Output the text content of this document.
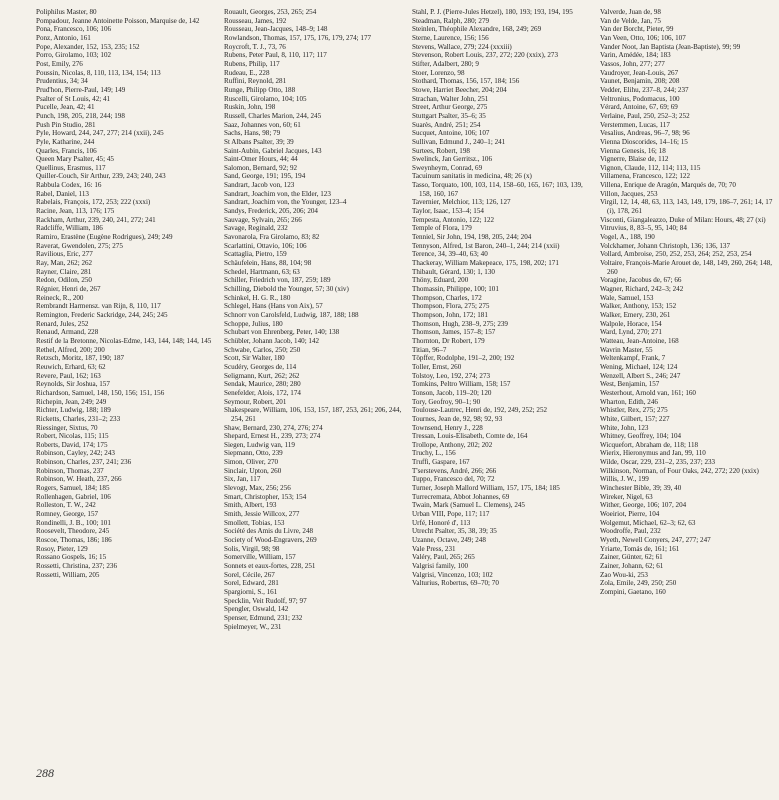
Poliphilus Master, 80
Pompadour, Jeanne Antoinette Poisson, Marquise de, 142
Pona, Francesco, 106; 106
Ponz, Antonio, 161
Pope, Alexander, 152, 153, 235; 152
Porro, Girolamo, 103; 102
Post, Emily, 276
Poussin, Nicolas, 8, 110, 113, 134, 154; 113
Prudentius, 34; 34
Prud'hon, Pierre-Paul, 149; 149
Psalter of St Louis, 42; 41
Pucelle, Jean, 42; 41
Punch, 198, 205, 218, 244; 198
Push Pin Studio, 281
Pyle, Howard, 244, 247, 277; 214 (xxii), 245
Pyle, Katharine, 244
Quarles, Francis, 106
Queen Mary Psalter, 45; 45
Quellinus, Erasmus, 117
Quiller-Couch, Sir Arthur, 239, 243; 240, 243
Rabbula Codex, 16: 16
Rabel, Daniel, 113
Rabelais, François, 172, 253; 222 (xxxi)
Racine, Jean, 113, 176; 175
Rackham, Arthur, 239, 240, 241, 272; 241
Radcliffe, William, 186
Ramiro, Erastène (Eugène Rodrigues), 249; 249
Raverat, Gwendolen, 275; 275
Ravilious, Eric, 277
Ray, Man, 262; 262
Rayner, Claire, 281
Redon, Odilon, 250
Régnier, Henri de, 267
Reineck, R., 200
Rembrandt Harmensz. van Rijn, 8, 110, 117
Remington, Frederic Sackridge, 244, 245; 245
Renard, Jules, 252
Renaud, Armand, 228
Restif de la Bretonne, Nicolas-Edme, 143, 144, 148; 144, 145
Rethel, Alfred, 200; 200
Retzsch, Moritz, 187, 190; 187
Reuwich, Erhard, 63; 62
Revere, Paul, 162; 163
Reynolds, Sir Joshua, 157
Richardson, Samuel, 148, 150, 156; 151, 156
Richepin, Jean, 249; 249
Richter, Ludwig, 188; 189
Ricketts, Charles, 231–2; 233
Riessinger, Sixtus, 70
Robert, Nicolas, 115; 115
Roberts, David, 174; 175
Robinson, Cayley, 242; 243
Robinson, Charles, 237, 241; 236
Robinson, Thomas, 237
Robinson, W. Heath, 237, 266
Rogers, Samuel, 184; 185
Rollenhagen, Gabriel, 106
Rolleston, T. W., 242
Romney, George, 157
Rondinelli, J. B., 100; 101
Roosevelt, Theodore, 245
Roscoe, Thomas, 186; 186
Rosoy, Pieter, 129
Rossano Gospels, 16; 15
Rossetti, Christina, 237; 236
Rossetti, William, 205
Rouault, Georges, 253, 265; 254
Rousseau, James, 192
Rousseau, Jean-Jacques, 148–9; 148
Rowlandson, Thomas, 157, 175, 176, 179, 274; 177
Roycroft, T. J., 73, 76
Rubens, Peter Paul, 8, 110, 117; 117
Rubens, Philip, 117
Rudeau, E., 228
Ruffini, Reynold, 281
Runge, Philipp Otto, 188
Ruscelli, Girolamo, 104; 105
Ruskin, John, 198
Russell, Charles Marion, 244, 245
Saaz, Johannes von, 60; 61
Sachs, Hans, 98; 79
St Albans Psalter, 39; 39
Saint-Aubin, Gabriel Jacques, 143
Saint-Omer Hours, 44; 44
Salomon, Bernard, 92; 92
Sand, George, 191; 195, 194
Sandrart, Jacob von, 123
Sandrart, Joachim von, the Elder, 123
Sandrart, Joachim von, the Younger, 123–4
Sandys, Frederick, 205, 206; 204
Sauvage, Sylvain, 265; 266
Savage, Reginald, 232
Savonarola, Fra Girolamo, 83; 82
Scarlattini, Ottavio, 106; 106
Scattaglia, Pietro, 159
Schäufelein, Hans, 88, 104; 98
Schedel, Hartmann, 63; 63
Schiller, Friedrich von, 187, 259; 189
Schilling, Diebold the Younger, 57; 30 (xiv)
Schinkel, H. G. R., 180
Schlegel, Hans (Hans von Aix), 57
Schnorr von Carolsfeld, Ludwig, 187, 188; 188
Schoppe, Julius, 180
Schubart von Ehrenberg, Peter, 140; 138
Schübler, Johann Jacob, 140; 142
Schwabe, Carlos, 250; 250
Scott, Sir Walter, 180
Scudéry, Georges de, 114
Seligmann, Kurt, 262; 262
Sendak, Maurice, 280; 280
Senefelder, Alois, 172, 174
Seymour, Robert, 201
Shakespeare, William, 106, 153, 157, 187, 253, 261; 206, 244, 254, 261
Shaw, Bernard, 230, 274, 276; 274
Shepard, Ernest H., 239, 273; 274
Siegen, Ludwig van, 119
Siepmann, Otto, 239
Simon, Oliver, 270
Sinclair, Upton, 260
Six, Jan, 117
Slevogt, Max, 256; 256
Smart, Christopher, 153; 154
Smith, Albert, 193
Smith, Jessie Willcox, 277
Smollett, Tobias, 153
Société des Amis du Livre, 248
Society of Wood-Engravers, 269
Solis, Virgil, 98; 98
Somerville, William, 157
Sonnets et eaux-fortes, 228, 251
Sorel, Cécile, 267
Sorel, Edward, 281
Spargiorni, S., 161
Specklin, Veit Rudolf, 97; 97
Spengler, Oswald, 142
Spenser, Edmund, 231; 232
Spielmeyer, W., 231
Stahl, P. J. (Pierre-Jules Hetzel), 180, 193; 193, 194, 195
Steadman, Ralph, 280; 279
Steinlen, Théophile Alexandre, 168, 249; 269
Sterne, Laurence, 156; 156
Stevens, Wallace, 279; 224 (xxxiii)
Stevenson, Robert Louis, 237, 272; 220 (xxix), 273
Stifter, Adalbert, 280; 9
Stoer, Lorenzo, 98
Stothard, Thomas, 156, 157, 184; 156
Stowe, Harriet Beecher, 204; 204
Strachan, Walter John, 251
Street, Arthur George, 275
Stuttgart Psalter, 35–6; 35
Suarès, André, 251; 254
Sucquet, Antoine, 106; 107
Sullivan, Edmund J., 240–1; 241
Surtees, Robert, 198
Swelinck, Jan Gerritsz., 106
Sweynheym, Conrad, 69
Tacuinum sanitatis in medicina, 48; 26 (x)
Tasso, Torquato, 100, 103, 114, 158–60, 165, 167; 103, 139, 158, 160, 167
Tavernier, Melchior, 113; 126, 127
Taylor, Isaac, 153–4; 154
Tempesta, Antonio, 122; 122
Temple of Flora, 179
Tenniel, Sir John, 194, 198, 205, 244; 204
Tennyson, Alfred, 1st Baron, 240–1, 244; 214 (xxii)
Terence, 34, 39–40, 63; 40
Thackeray, William Makepeace, 175, 198, 202; 171
Thibault, Gérard, 130; 1, 130
Thöny, Eduard, 200
Thomassin, Philippe, 100; 101
Thompson, Charles, 172
Thompson, Flora, 275; 275
Thompson, John, 172; 181
Thomson, Hugh, 238–9, 275; 239
Thomson, James, 157–8; 157
Thornton, Dr Robert, 179
Titian, 96–7
Töpffer, Rodolphe, 191–2, 200; 192
Toller, Ernst, 260
Tolstoy, Leo, 192, 274; 273
Tomkins, Peltro William, 158; 157
Tonson, Jacob, 119–20; 120
Tory, Geofroy, 90–1; 90
Toulouse-Lautrec, Henri de, 192, 249, 252; 252
Tournes, Jean de, 92, 98; 92, 93
Townsend, Henry J., 228
Tressan, Louis-Elisabeth, Comte de, 164
Trollope, Anthony, 202; 202
Truchy, L., 156
Truffi, Gaspare, 167
T'serstevens, André, 266; 266
Tuppo, Francesco del, 70; 72
Turner, Joseph Mallord William, 157, 175, 184; 185
Turrecremata, Abbot Johannes, 69
Twain, Mark (Samuel L. Clemens), 245
Urban VIII, Pope, 117; 117
Urfé, Honoré d', 113
Utrecht Psalter, 35, 38, 39; 35
Uzanne, Octave, 249; 248
Vale Press, 231
Valéry, Paul, 265; 265
Valgrisi family, 100
Valgrisi, Vincenzo, 103; 102
Valturius, Robertus, 69–70; 70
Valverde, Juan de, 98
Van de Velde, Jan, 75
Van der Borcht, Pieter, 99
Van Veen, Otto, 106; 106, 107
Vander Noot, Jan Baptista (Jean-Baptiste), 99; 99
Varin, Amédée, 184; 183
Vassos, John, 277; 277
Vaudroyer, Jean-Louis, 267
Vaunet, Benjamin, 208; 208
Vedder, Elihu, 237–8, 244; 237
Veltronius, Podomacus, 100
Vérard, Antoine, 67, 69; 69
Verlaine, Paul, 250, 252–3; 252
Verstemmen, Lucas, 117
Vesalius, Andreas, 96–7, 98; 96
Vienna Dioscorides, 14–16; 15
Vienna Genesis, 16; 18
Vignerre, Blaise de, 112
Vignon, Claude, 112, 114; 113, 115
Villamena, Francesco, 122; 122
Villena, Enrique de Aragón, Marqués de, 70; 70
Villon, Jacques, 253
Virgil, 12, 14, 48, 63, 113, 143, 149, 179, 186–7, 261; 14, 17 (i), 178, 261
Visconti, Giangaleazzo, Duke of Milan: Hours, 48; 27 (xi)
Vitruvius, 8, 83–5, 95, 140; 84
Vogel, A., 188, 190
Volckhamer, Johann Christoph, 136; 136, 137
Vollard, Ambroise, 250, 252, 253, 264; 252, 253, 254
Voltaire, François-Marie Arouet de, 148, 149, 260, 264; 148, 260
Voragine, Jacobus de, 67; 66
Wagner, Richard, 242–3; 242
Wale, Samuel, 153
Walker, Anthony, 153; 152
Walker, Emery, 230, 261
Walpole, Horace, 154
Ward, Lynd, 270; 271
Watteau, Jean-Antoine, 168
Wavrin Master, 55
Weltenkampf, Frank, 7
Wening, Michael, 124; 124
Wenzell, Albert S., 246; 247
West, Benjamin, 157
Westerhout, Arnold van, 161; 160
Wharton, Edith, 246
Whistler, Rex, 275; 275
White, Gilbert, 157; 227
White, John, 123
Whitney, Geoffrey, 104; 104
Wicquefort, Abraham de, 118; 118
Wierix, Hieronymus and Jan, 99, 110
Wilde, Oscar, 229, 231–2, 235, 237; 233
Wilkinson, Norman, of Four Oaks, 242, 272; 220 (xxix)
Willis, J. W., 199
Winchester Bible, 39; 39, 40
Wireker, Nigel, 63
Wither, George, 106; 107, 204
Woeiriot, Pierre, 104
Wolgemut, Michael, 62–3; 62, 63
Woodroffe, Paul, 232
Wyeth, Newell Conyers, 247, 277; 247
Yriarte, Tomás de, 161; 161
Zainer, Günter, 62; 61
Zainer, Johann, 62; 61
Zao Wou-ki, 253
Zola, Emile, 249, 250; 250
Zompini, Gaetano, 160
288
